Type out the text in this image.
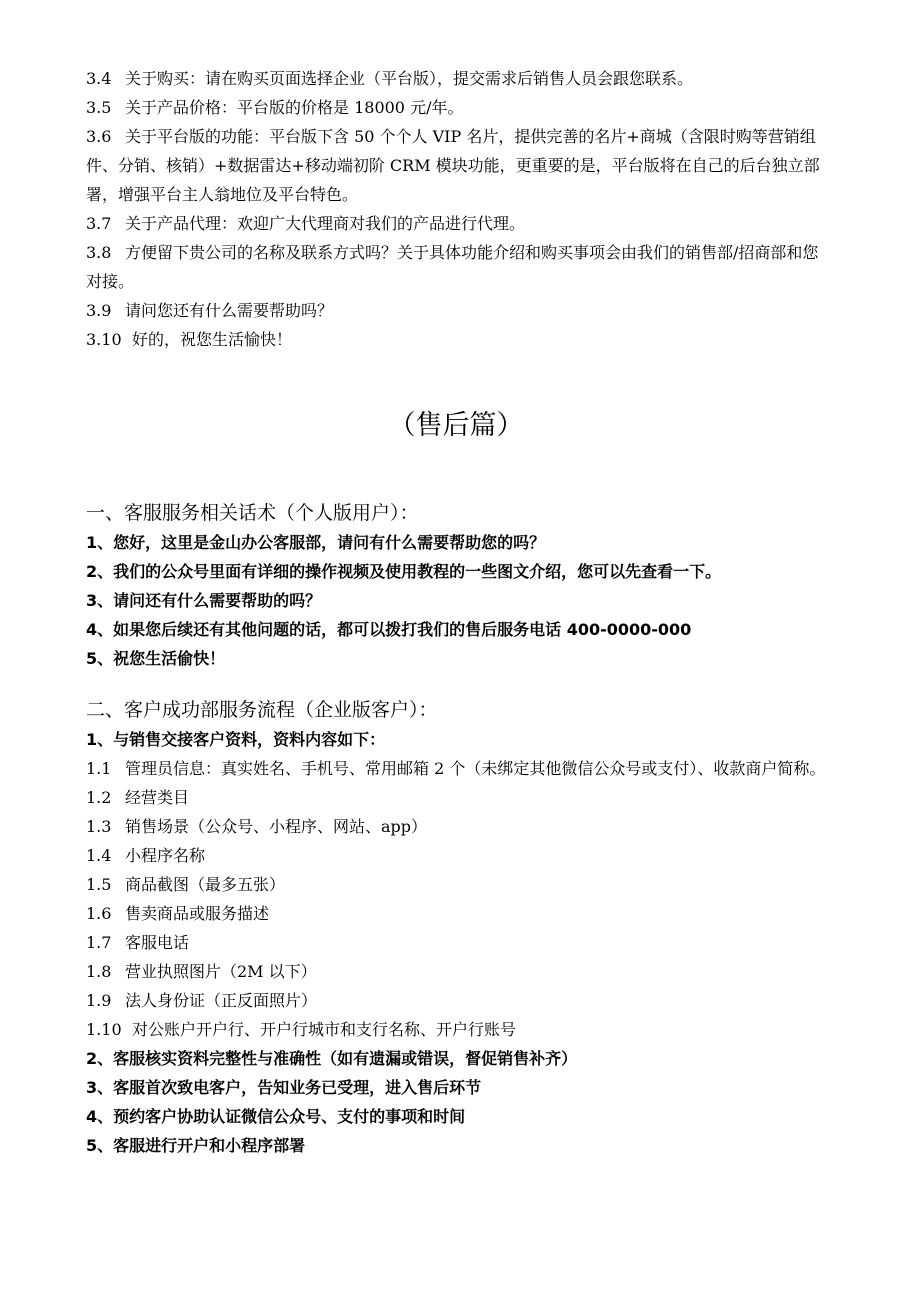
3.4 关于购买：请在购买页面选择企业（平台版），提交需求后销售人员会跟您联系。
3.5 关于产品价格：平台版的价格是 18000 元/年。
3.6 关于平台版的功能：平台版下含 50 个个人 VIP 名片，提供完善的名片+商城（含限时购等营销组件、分销、核销）+数据雷达+移动端初阶 CRM 模块功能，更重要的是，平台版将在自己的后台独立部署，增强平台主人翁地位及平台特色。
3.7 关于产品代理：欢迎广大代理商对我们的产品进行代理。
3.8 方便留下贵公司的名称及联系方式吗？关于具体功能介绍和购买事项会由我们的销售部/招商部和您对接。
3.9 请问您还有什么需要帮助吗？
3.10 好的，祝您生活愉快！
（售后篇）
一、客服服务相关话术（个人版用户）：
1、您好，这里是金山办公客服部，请问有什么需要帮助您的吗？
2、我们的公众号里面有详细的操作视频及使用教程的一些图文介绍，您可以先查看一下。
3、请问还有什么需要帮助的吗？
4、如果您后续还有其他问题的话，都可以拨打我们的售后服务电话 400-0000-000
5、祝您生活偷快！
二、客户成功部服务流程（企业版客户）：
1、与销售交接客户资料，资料内容如下：
1.1 管理员信息：真实姓名、手机号、常用邮箱 2 个（未绑定其他微信公众号或支付）、收款商户简称。
1.2 经营类目
1.3 销售场景（公众号、小程序、网站、app）
1.4 小程序名称
1.5 商品截图（最多五张）
1.6 售卖商品或服务描述
1.7 客服电话
1.8 营业执照图片（2M 以下）
1.9 法人身份证（正反面照片）
1.10 对公账户开户行、开户行城市和支行名称、开户行账号
2、客服核实资料完整性与准确性（如有遗漏或错误，督促销售补齐）
3、客服首次致电客户，告知业务已受理，进入售后环节
4、预约客户协助认证微信公众号、支付的事项和时间
5、客服进行开户和小程序部署
